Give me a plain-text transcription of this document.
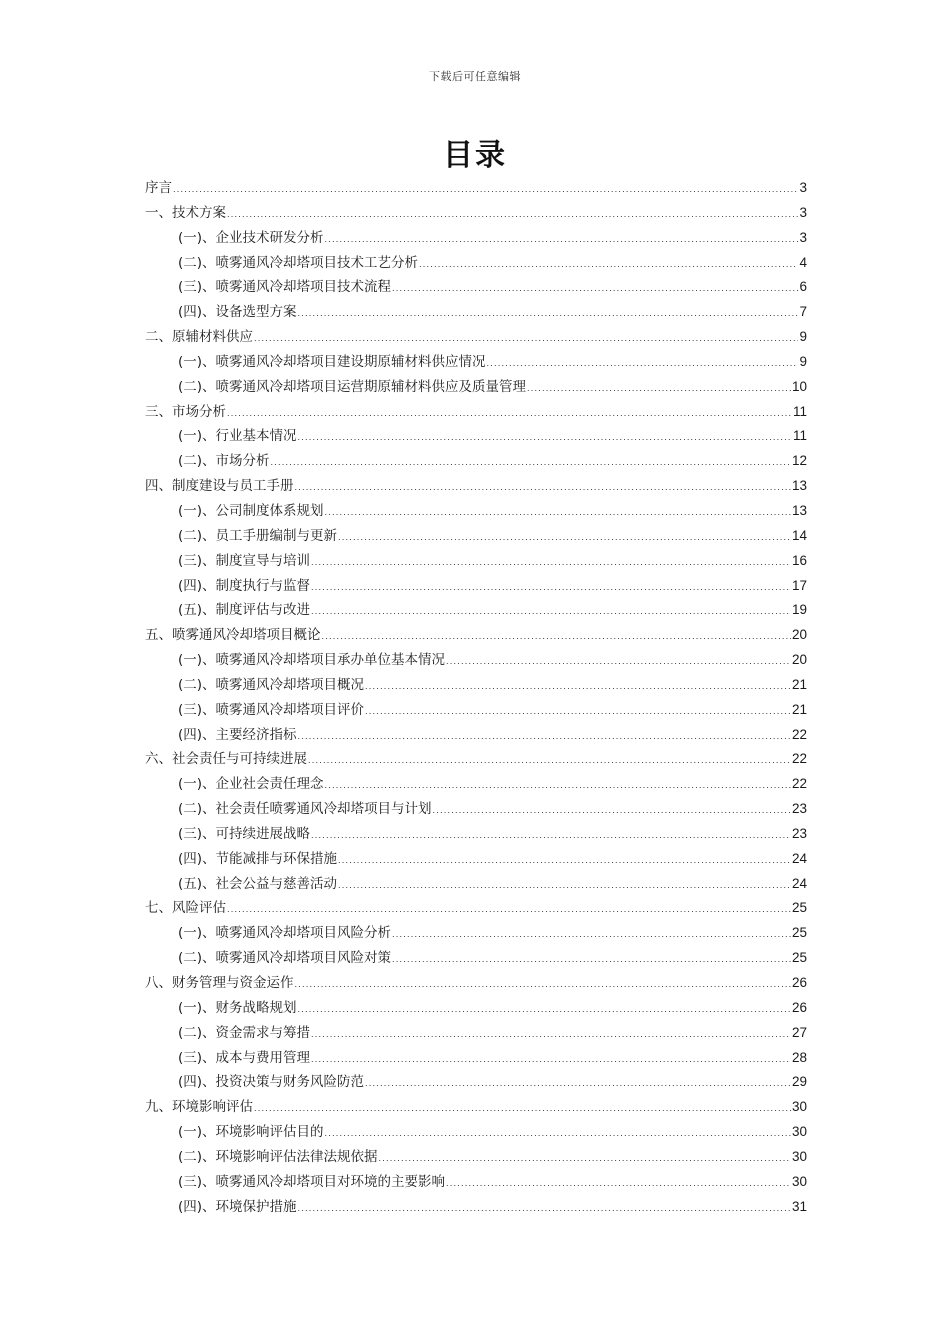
下载后可任意编辑
目录
序言 .....	3
一、技术方案 .....	3
(一)、企业技术研发分析 .....	3
(二)、喷雾通风冷却塔项目技术工艺分析 .....	4
(三)、喷雾通风冷却塔项目技术流程 .....	6
(四)、设备选型方案 .....	7
二、原辅材料供应 .....	9
(一)、喷雾通风冷却塔项目建设期原辅材料供应情况 .....	9
(二)、喷雾通风冷却塔项目运营期原辅材料供应及质量管理 .....	10
三、市场分析 .....	11
(一)、行业基本情况 .....	11
(二)、市场分析 .....	12
四、制度建设与员工手册 .....	13
(一)、公司制度体系规划 .....	13
(二)、员工手册编制与更新 .....	14
(三)、制度宣导与培训 .....	16
(四)、制度执行与监督 .....	17
(五)、制度评估与改进 .....	19
五、喷雾通风冷却塔项目概论 .....	20
(一)、喷雾通风冷却塔项目承办单位基本情况 .....	20
(二)、喷雾通风冷却塔项目概况 .....	21
(三)、喷雾通风冷却塔项目评价 .....	21
(四)、主要经济指标 .....	22
六、社会责任与可持续进展 .....	22
(一)、企业社会责任理念 .....	22
(二)、社会责任喷雾通风冷却塔项目与计划 .....	23
(三)、可持续进展战略 .....	23
(四)、节能减排与环保措施 .....	24
(五)、社会公益与慈善活动 .....	24
七、风险评估 .....	25
(一)、喷雾通风冷却塔项目风险分析 .....	25
(二)、喷雾通风冷却塔项目风险对策 .....	25
八、财务管理与资金运作 .....	26
(一)、财务战略规划 .....	26
(二)、资金需求与筹措 .....	27
(三)、成本与费用管理 .....	28
(四)、投资决策与财务风险防范 .....	29
九、环境影响评估 .....	30
(一)、环境影响评估目的 .....	30
(二)、环境影响评估法律法规依据 .....	30
(三)、喷雾通风冷却塔项目对环境的主要影响 .....	30
(四)、环境保护措施 .....	31
